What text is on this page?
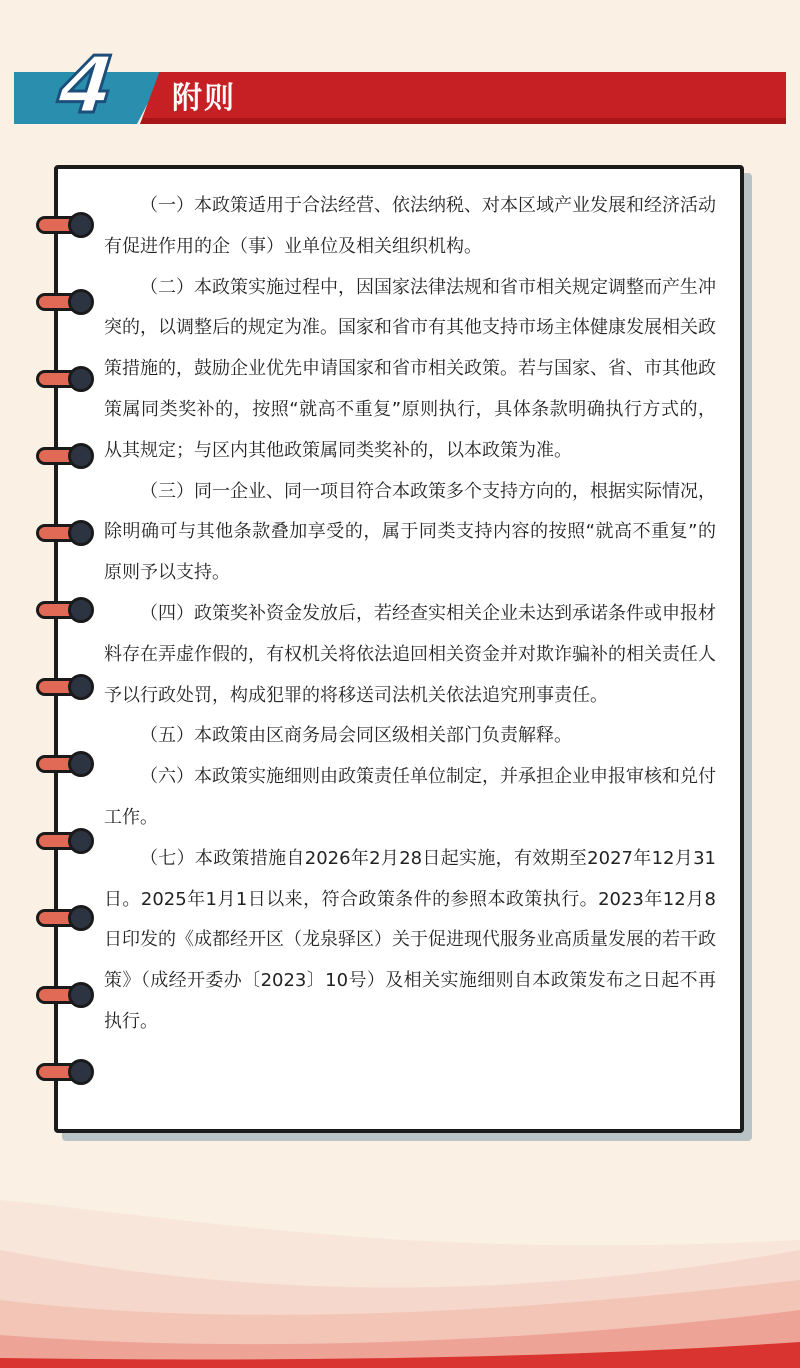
4 附则

（一）本政策适用于合法经营、依法纳税、对本区域产业发展和经济活动有促进作用的企（事）业单位及相关组织机构。

（二）本政策实施过程中，因国家法律法规和省市相关规定调整而产生冲突的，以调整后的规定为准。国家和省市有其他支持市场主体健康发展相关政策措施的，鼓励企业优先申请国家和省市相关政策。若与国家、省、市其他政策属同类奖补的，按照“就高不重复”原则执行，具体条款明确执行方式的，从其规定；与区内其他政策属同类奖补的，以本政策为准。

（三）同一企业、同一项目符合本政策多个支持方向的，根据实际情况，除明确可与其他条款叠加享受的，属于同类支持内容的按照“就高不重复”的原则予以支持。

（四）政策奖补资金发放后，若经查实相关企业未达到承诺条件或申报材料存在弄虚作假的，有权机关将依法追回相关资金并对欺诈骗补的相关责任人予以行政处罚，构成犯罪的将移送司法机关依法追究刑事责任。

（五）本政策由区商务局会同区级相关部门负责解释。

（六）本政策实施细则由政策责任单位制定，并承担企业申报审核和兑付工作。

（七）本政策措施自2026年2月28日起实施，有效期至2027年12月31日。2025年1月1日以来，符合政策条件的参照本政策执行。2023年12月8日印发的《成都经开区（龙泉驿区）关于促进现代服务业高质量发展的若干政策》（成经开委办〔2023〕10号）及相关实施细则自本政策发布之日起不再执行。
